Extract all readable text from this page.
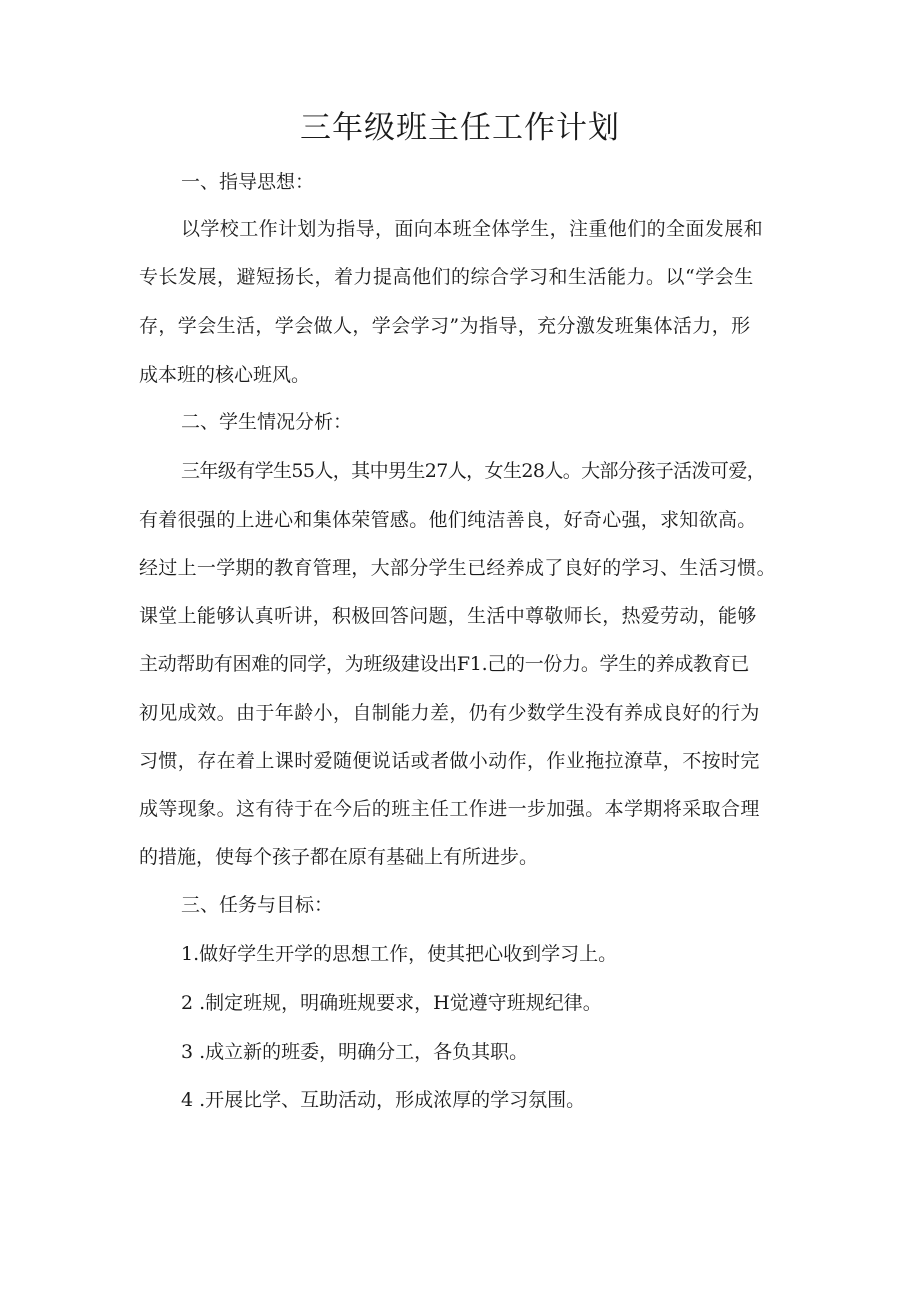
三年级班主任工作计划

一、指导思想：

以学校工作计划为指导，面向本班全体学生，注重他们的全面发展和

专长发展，避短扬长，着力提高他们的综合学习和生活能力。以“学会生

存，学会生活，学会做人，学会学习”为指导，充分激发班集体活力，形

成本班的核心班风。

二、学生情况分析：

三年级有学生55人，其中男生27人，女生28人。大部分孩子活泼可爱，

有着很强的上进心和集体荣管感。他们纯洁善良，好奇心强，求知欲高。

经过上一学期的教育管理，大部分学生已经养成了良好的学习、生活习惯。

课堂上能够认真听讲，积极回答问题，生活中尊敬师长，热爱劳动，能够

主动帮助有困难的同学，为班级建设出F1.己的一份力。学生的养成教育已

初见成效。由于年龄小，自制能力差，仍有少数学生没有养成良好的行为

习惯，存在着上课时爱随便说话或者做小动作，作业拖拉潦草，不按时完

成等现象。这有待于在今后的班主任工作进一步加强。本学期将采取合理

的措施，使每个孩子都在原有基础上有所进步。

三、任务与目标：

1.做好学生开学的思想工作，使其把心收到学习上。

2 .制定班规，明确班规要求，H觉遵守班规纪律。

3 .成立新的班委，明确分工，各负其职。

4 .开展比学、互助活动，形成浓厚的学习氛围。
